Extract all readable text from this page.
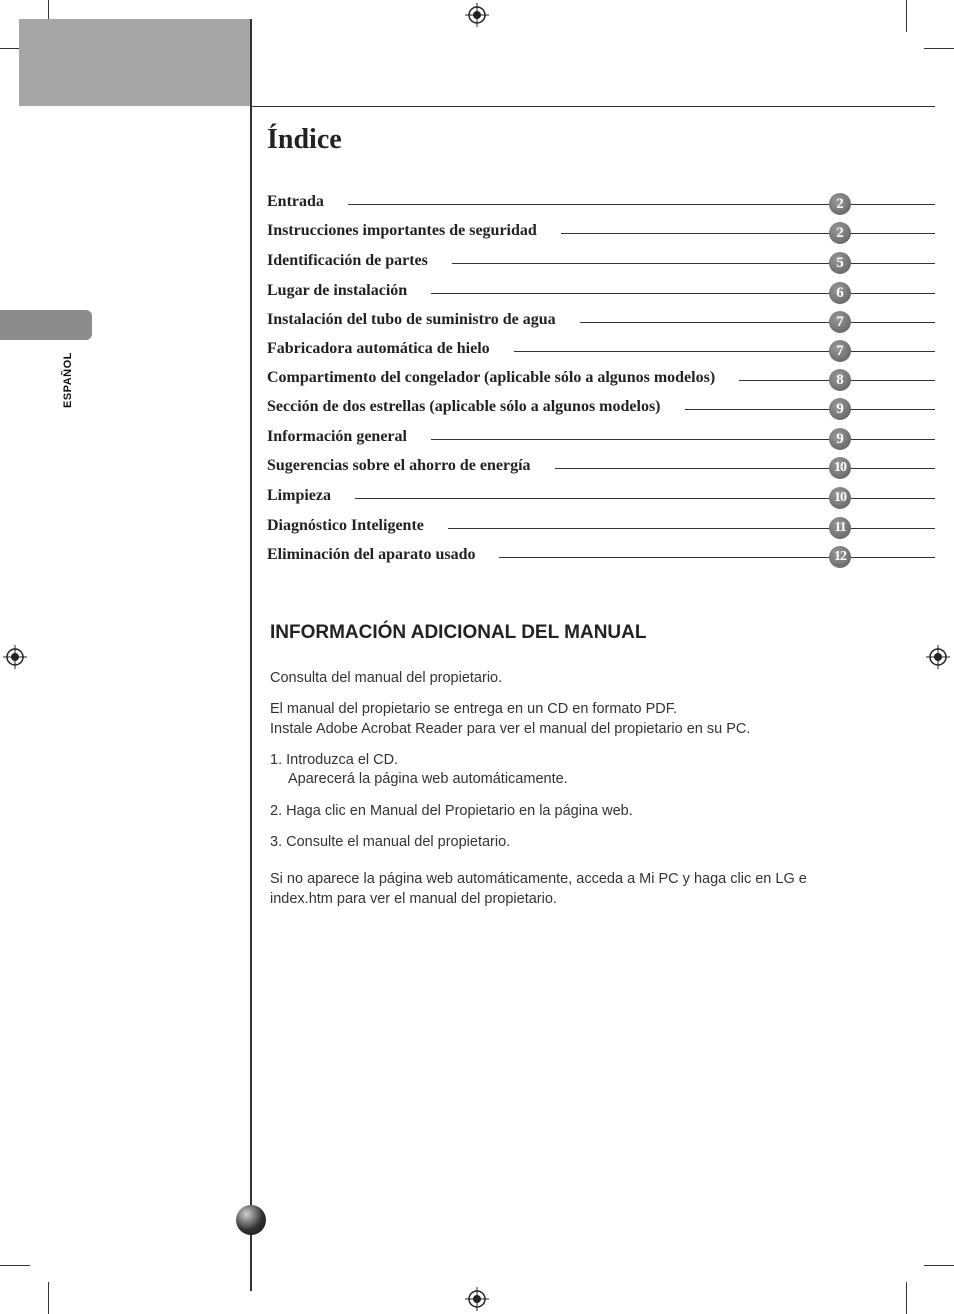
ESPAÑOL
Índice
Entrada	2
Instrucciones importantes de seguridad	2
Identificación de partes	5
Lugar de instalación	6
Instalación del tubo de suministro de agua	7
Fabricadora automática de hielo	7
Compartimento del congelador (aplicable sólo a algunos modelos)	8
Sección de dos estrellas (aplicable sólo a algunos modelos)	9
Información general	9
Sugerencias sobre el ahorro de energía	10
Limpieza	10
Diagnóstico Inteligente	11
Eliminación del aparato usado	12
INFORMACIÓN ADICIONAL DEL MANUAL
Consulta del manual del propietario.
El manual del propietario se entrega en un CD en formato PDF.
Instale Adobe Acrobat Reader para ver el manual del propietario en su PC.
1. Introduzca el CD.
Aparecerá la página web automáticamente.
2. Haga clic en Manual del Propietario en la página web.
3. Consulte el manual del propietario.
Si no aparece la página web automáticamente, acceda a Mi PC y haga clic en LG e
index.htm para ver el manual del propietario.
